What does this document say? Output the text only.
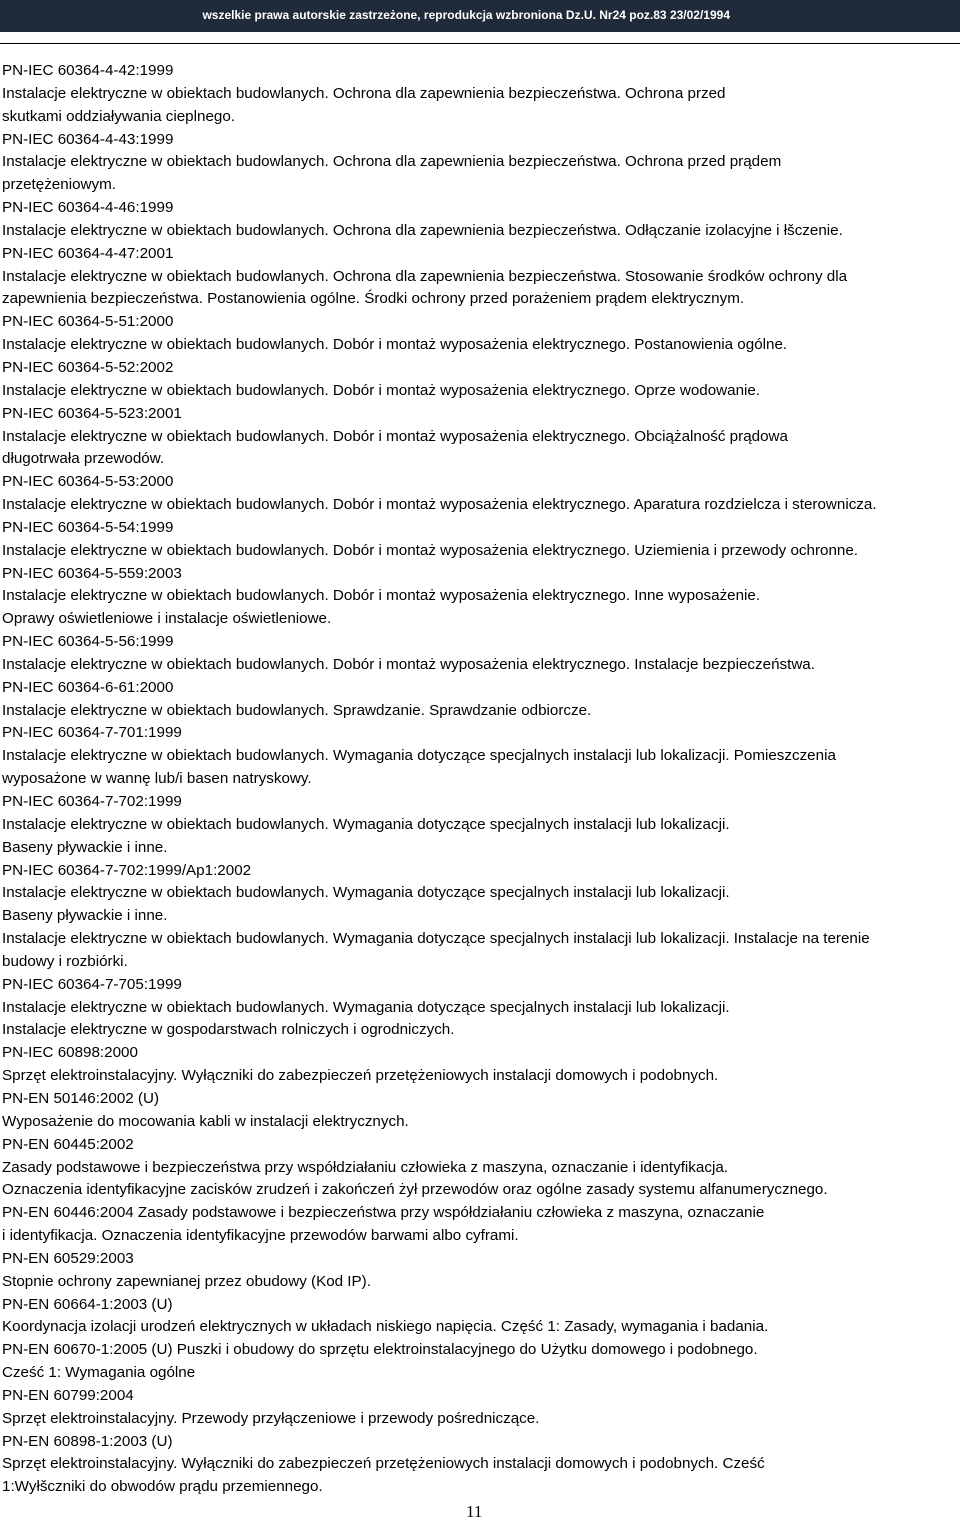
wszelkie prawa autorskie zastrzeżone, reprodukcja wzbroniona Dz.U. Nr24 poz.83 23/02/1994
PN-IEC 60364-4-42:1999
Instalacje elektryczne w obiektach budowlanych. Ochrona dla zapewnienia bezpieczeństwa. Ochrona przed
skutkami oddziaływania cieplnego.
PN-IEC 60364-4-43:1999
Instalacje elektryczne w obiektach budowlanych. Ochrona dla zapewnienia bezpieczeństwa. Ochrona przed prądem
przetężeniowym.
PN-IEC 60364-4-46:1999
Instalacje elektryczne w obiektach budowlanych. Ochrona dla zapewnienia bezpieczeństwa. Odłączanie izolacyjne i łšczenie.
PN-IEC 60364-4-47:2001
Instalacje elektryczne w obiektach budowlanych. Ochrona dla zapewnienia bezpieczeństwa. Stosowanie środków ochrony dla
zapewnienia bezpieczeństwa. Postanowienia ogólne. Środki ochrony przed porażeniem prądem elektrycznym.
PN-IEC 60364-5-51:2000
Instalacje elektryczne w obiektach budowlanych. Dobór i montaż wyposażenia elektrycznego. Postanowienia ogólne.
PN-IEC 60364-5-52:2002
Instalacje elektryczne w obiektach budowlanych. Dobór i montaż wyposażenia elektrycznego. Oprze wodowanie.
PN-IEC 60364-5-523:2001
Instalacje elektryczne w obiektach budowlanych. Dobór i montaż wyposażenia elektrycznego. Obciążalność prądowa
długotrwała przewodów.
PN-IEC 60364-5-53:2000
Instalacje elektryczne w obiektach budowlanych. Dobór i montaż wyposażenia elektrycznego. Aparatura rozdzielcza i sterownicza.
PN-IEC 60364-5-54:1999
Instalacje elektryczne w obiektach budowlanych. Dobór i montaż wyposażenia elektrycznego. Uziemienia i przewody ochronne.
PN-IEC 60364-5-559:2003
Instalacje elektryczne w obiektach budowlanych. Dobór i montaż wyposażenia elektrycznego. Inne wyposażenie.
Oprawy oświetleniowe i instalacje oświetleniowe.
PN-IEC 60364-5-56:1999
Instalacje elektryczne w obiektach budowlanych. Dobór i montaż wyposażenia elektrycznego. Instalacje bezpieczeństwa.
PN-IEC 60364-6-61:2000
Instalacje elektryczne w obiektach budowlanych. Sprawdzanie. Sprawdzanie odbiorcze.
PN-IEC 60364-7-701:1999
Instalacje elektryczne w obiektach budowlanych. Wymagania dotyczące specjalnych instalacji lub lokalizacji. Pomieszczenia
wyposażone w wannę lub/i basen natryskowy.
PN-IEC 60364-7-702:1999
Instalacje elektryczne w obiektach budowlanych. Wymagania dotyczące specjalnych instalacji lub lokalizacji.
Baseny pływackie i inne.
PN-IEC 60364-7-702:1999/Ap1:2002
Instalacje elektryczne w obiektach budowlanych. Wymagania dotyczące specjalnych instalacji lub lokalizacji.
Baseny pływackie i inne.
Instalacje elektryczne w obiektach budowlanych. Wymagania dotyczące specjalnych instalacji lub lokalizacji. Instalacje na terenie
budowy i rozbiórki.
PN-IEC 60364-7-705:1999
Instalacje elektryczne w obiektach budowlanych. Wymagania dotyczące specjalnych instalacji lub lokalizacji.
Instalacje elektryczne w gospodarstwach rolniczych i ogrodniczych.
PN-IEC 60898:2000
Sprzęt elektroinstalacyjny. Wyłączniki do zabezpieczeń przetężeniowych instalacji domowych i podobnych.
PN-EN 50146:2002 (U)
Wyposażenie do mocowania kabli w instalacji elektrycznych.
PN-EN 60445:2002
Zasady podstawowe i bezpieczeństwa przy współdziałaniu człowieka z maszyna, oznaczanie i identyfikacja.
Oznaczenia identyfikacyjne zacisków zrudzeń i zakończeń żył przewodów oraz ogólne zasady systemu alfanumerycznego.
PN-EN 60446:2004 Zasady podstawowe i bezpieczeństwa przy współdziałaniu człowieka z maszyna, oznaczanie
i identyfikacja. Oznaczenia identyfikacyjne przewodów barwami albo cyframi.
PN-EN 60529:2003
Stopnie ochrony zapewnianej przez obudowy (Kod IP).
PN-EN 60664-1:2003 (U)
Koordynacja izolacji urodzeń elektrycznych w układach niskiego napięcia. Część 1: Zasady, wymagania i badania.
PN-EN 60670-1:2005 (U) Puszki i obudowy do sprzętu elektroinstalacyjnego do Użytku domowego i podobnego.
Cześć 1: Wymagania ogólne
PN-EN 60799:2004
Sprzęt elektroinstalacyjny. Przewody przyłączeniowe i przewody pośredniczące.
PN-EN 60898-1:2003 (U)
Sprzęt elektroinstalacyjny. Wyłączniki do zabezpieczeń przetężeniowych instalacji domowych i podobnych. Cześć
1:Wyłšczniki do obwodów prądu przemiennego.
11
